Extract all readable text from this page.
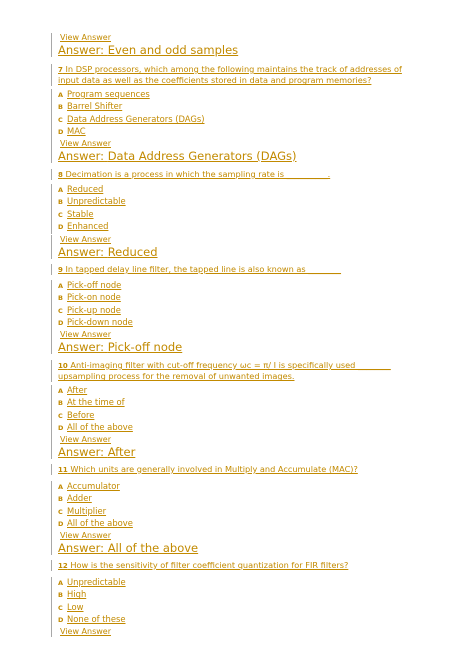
View Answer
Answer: Even and odd samples
7 In DSP processors, which among the following maintains the track of addresses of input data as well as the coefficients stored in data and program memories?
A Program sequences
B Barrel Shifter
C Data Address Generators (DAGs)
D MAC
View Answer
Answer: Data Address Generators (DAGs)
8 Decimation is a process in which the sampling rate is __________.
A Reduced
B Unpredictable
C Stable
D Enhanced
View Answer
Answer: Reduced
9 In tapped delay line filter, the tapped line is also known as ________
A Pick-off node
B Pick-on node
C Pick-up node
D Pick-down node
View Answer
Answer: Pick-off node
10 Anti-imaging filter with cut-off frequency ωc = π/ I is specifically used ________ upsampling process for the removal of unwanted images.
A After
B At the time of
C Before
D All of the above
View Answer
Answer: After
11 Which units are generally involved in Multiply and Accumulate (MAC)?
A Accumulator
B Adder
C Multiplier
D All of the above
View Answer
Answer: All of the above
12 How is the sensitivity of filter coefficient quantization for FIR filters?
A Unpredictable
B High
C Low
D None of these
View Answer
